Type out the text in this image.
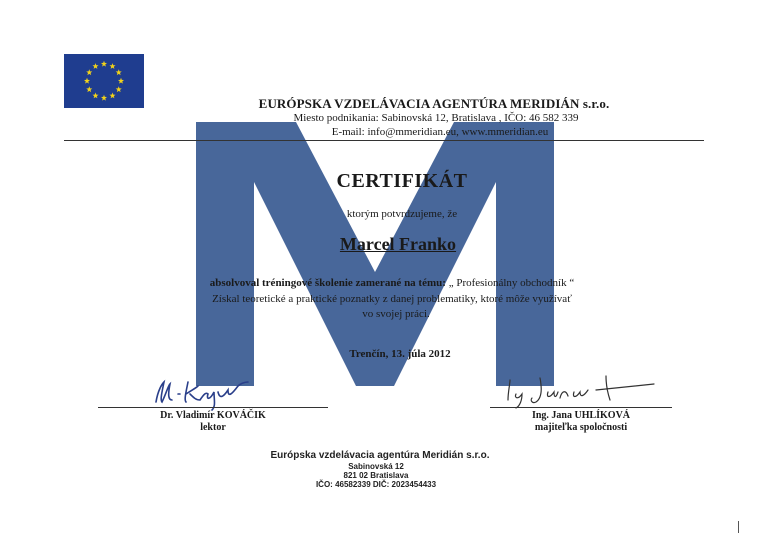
EURÓPSKA VZDELÁVACIA AGENTÚRA MERIDIÁN s.r.o.
Miesto podnikania: Sabinovská 12, Bratislava , IČO: 46 582 339
E-mail: info@mmeridian.eu, www.mmeridian.eu
CERTIFIKÁT
ktorým potvrdzujeme, že
Marcel Franko
absolvoval tréningové školenie zamerané na tému: „ Profesionálny obchodník “
Získal teoretické a praktické poznatky z danej problematiky, ktoré môže využívať
vo svojej práci.
Trenčín, 13. júla 2012
Dr. Vladimír KOVÁČIK
lektor
Ing. Jana UHLÍKOVÁ
majiteľka spoločnosti
Európska vzdelávacia agentúra Meridián s.r.o.
Sabinovská 12
821 02 Bratislava
IČO: 46582339 DIČ: 2023454433
